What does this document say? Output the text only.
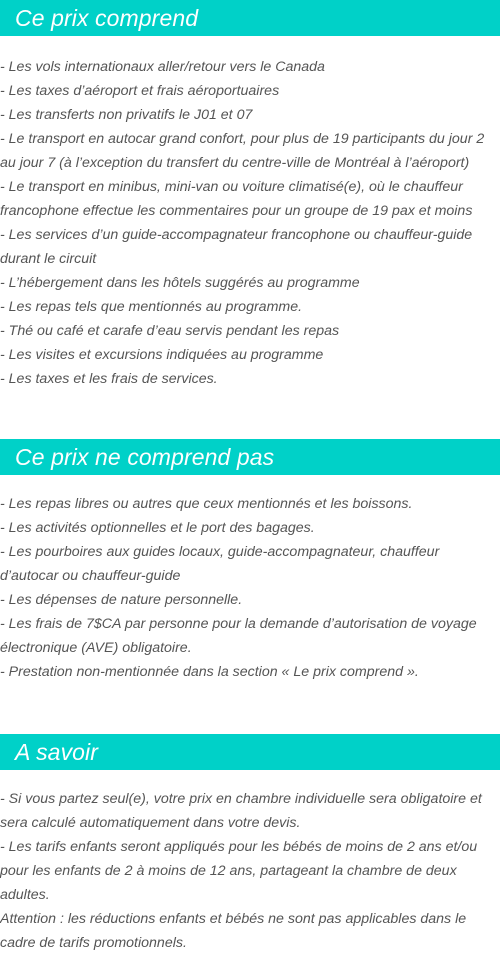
Ce prix comprend
- Les vols internationaux aller/retour vers le Canada
- Les taxes d’aéroport et frais aéroportuaires
- Les transferts non privatifs le J01 et 07
- Le transport en autocar grand confort, pour plus de 19 participants du jour 2 au jour 7 (à l’exception du transfert du centre-ville de Montréal à l’aéroport)
- Le transport en minibus, mini-van ou voiture climatisé(e), où le chauffeur francophone effectue les commentaires pour un groupe de 19 pax et moins
- Les services d’un guide-accompagnateur francophone ou chauffeur-guide durant le circuit
- L’hébergement dans les hôtels suggérés au programme
- Les repas tels que mentionnés au programme.
- Thé ou café et carafe d’eau servis pendant les repas
- Les visites et excursions indiquées au programme
- Les taxes et les frais de services.
Ce prix ne comprend pas
- Les repas libres ou autres que ceux mentionnés et les boissons.
- Les activités optionnelles et le port des bagages.
- Les pourboires aux guides locaux, guide-accompagnateur, chauffeur d’autocar ou chauffeur-guide
- Les dépenses de nature personnelle.
- Les frais de 7$CA par personne pour la demande d’autorisation de voyage électronique (AVE) obligatoire.
- Prestation non-mentionnée dans la section « Le prix comprend ».
A savoir
- Si vous partez seul(e), votre prix en chambre individuelle sera obligatoire et sera calculé automatiquement dans votre devis.
- Les tarifs enfants seront appliqués pour les bébés de moins de 2 ans et/ou pour les enfants de 2 à moins de 12 ans, partageant la chambre de deux adultes.
Attention : les réductions enfants et bébés ne sont pas applicables dans le cadre de tarifs promotionnels.
